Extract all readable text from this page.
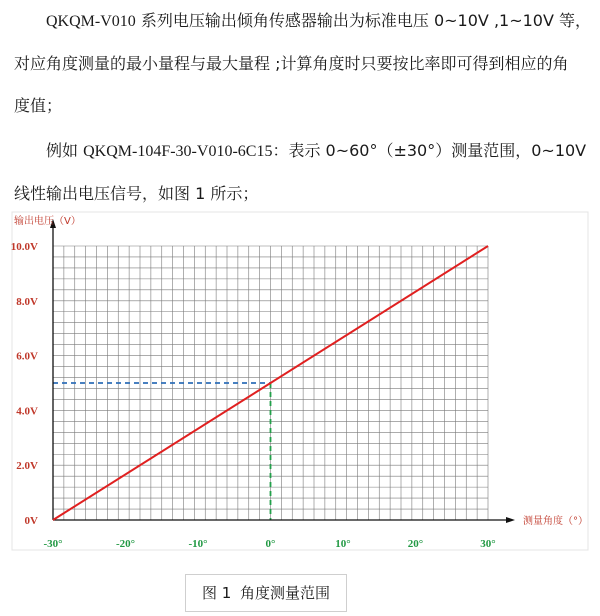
QKQM-V010 系列电压输出倾角传感器输出为标准电压 0~10V ,1~10V 等，
对应角度测量的最小量程与最大量程 ;计算角度时只要按比率即可得到相应的角
度值；
例如 QKQM-104F-30-V010-6C15：表示 0~60°（±30°）测量范围，0~10V
线性输出电压信号，如图 1 所示；
0V
2.0V
4.0V
6.0V
8.0V
10.0V
-30°	-20°	-10°	0°	10°	20°	30°
输出电压（V）
测量角度（°）
图 1 角度测量范围
